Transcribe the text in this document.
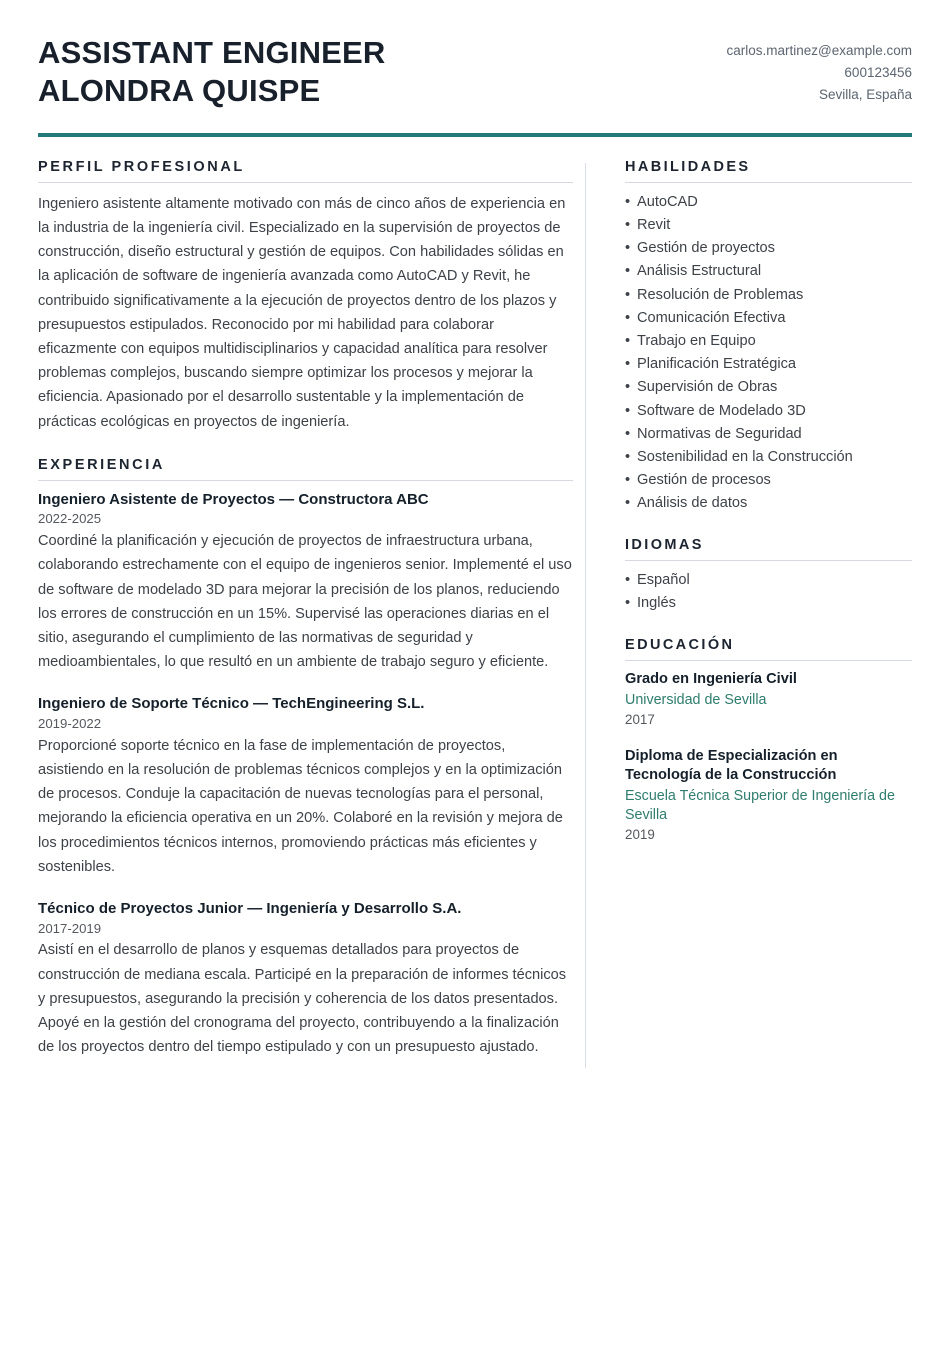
ASSISTANT ENGINEER
ALONDRA QUISPE
carlos.martinez@example.com
600123456
Sevilla, España
PERFIL PROFESIONAL

Ingeniero asistente altamente motivado con más de cinco años de experiencia en la industria de la ingeniería civil. Especializado en la supervisión de proyectos de construcción, diseño estructural y gestión de equipos. Con habilidades sólidas en la aplicación de software de ingeniería avanzada como AutoCAD y Revit, he contribuido significativamente a la ejecución de proyectos dentro de los plazos y presupuestos estipulados. Reconocido por mi habilidad para colaborar eficazmente con equipos multidisciplinarios y capacidad analítica para resolver problemas complejos, buscando siempre optimizar los procesos y mejorar la eficiencia. Apasionado por el desarrollo sustentable y la implementación de prácticas ecológicas en proyectos de ingeniería.

EXPERIENCIA

Ingeniero Asistente de Proyectos — Constructora ABC

2022-2025

Coordiné la planificación y ejecución de proyectos de infraestructura urbana, colaborando estrechamente con el equipo de ingenieros senior. Implementé el uso de software de modelado 3D para mejorar la precisión de los planos, reduciendo los errores de construcción en un 15%. Supervisé las operaciones diarias en el sitio, asegurando el cumplimiento de las normativas de seguridad y medioambientales, lo que resultó en un ambiente de trabajo seguro y eficiente.

Ingeniero de Soporte Técnico — TechEngineering S.L.

2019-2022

Proporcioné soporte técnico en la fase de implementación de proyectos, asistiendo en la resolución de problemas técnicos complejos y en la optimización de procesos. Conduje la capacitación de nuevas tecnologías para el personal, mejorando la eficiencia operativa en un 20%. Colaboré en la revisión y mejora de los procedimientos técnicos internos, promoviendo prácticas más eficientes y sostenibles.

Técnico de Proyectos Junior — Ingeniería y Desarrollo S.A.

2017-2019

Asistí en el desarrollo de planos y esquemas detallados para proyectos de construcción de mediana escala. Participé en la preparación de informes técnicos y presupuestos, asegurando la precisión y coherencia de los datos presentados. Apoyé en la gestión del cronograma del proyecto, contribuyendo a la finalización de los proyectos dentro del tiempo estipulado y con un presupuesto ajustado.

HABILIDADES
• AutoCAD
• Revit
• Gestión de proyectos
• Análisis Estructural
• Resolución de Problemas
• Comunicación Efectiva
• Trabajo en Equipo
• Planificación Estratégica
• Supervisión de Obras
• Software de Modelado 3D
• Normativas de Seguridad
• Sostenibilidad en la Construcción
• Gestión de procesos
• Análisis de datos
IDIOMAS
• Español
• Inglés
EDUCACIÓN

Grado en Ingeniería Civil

Universidad de Sevilla

2017

Diploma de Especialización en Tecnología de la Construcción

Escuela Técnica Superior de Ingeniería de Sevilla

2019
